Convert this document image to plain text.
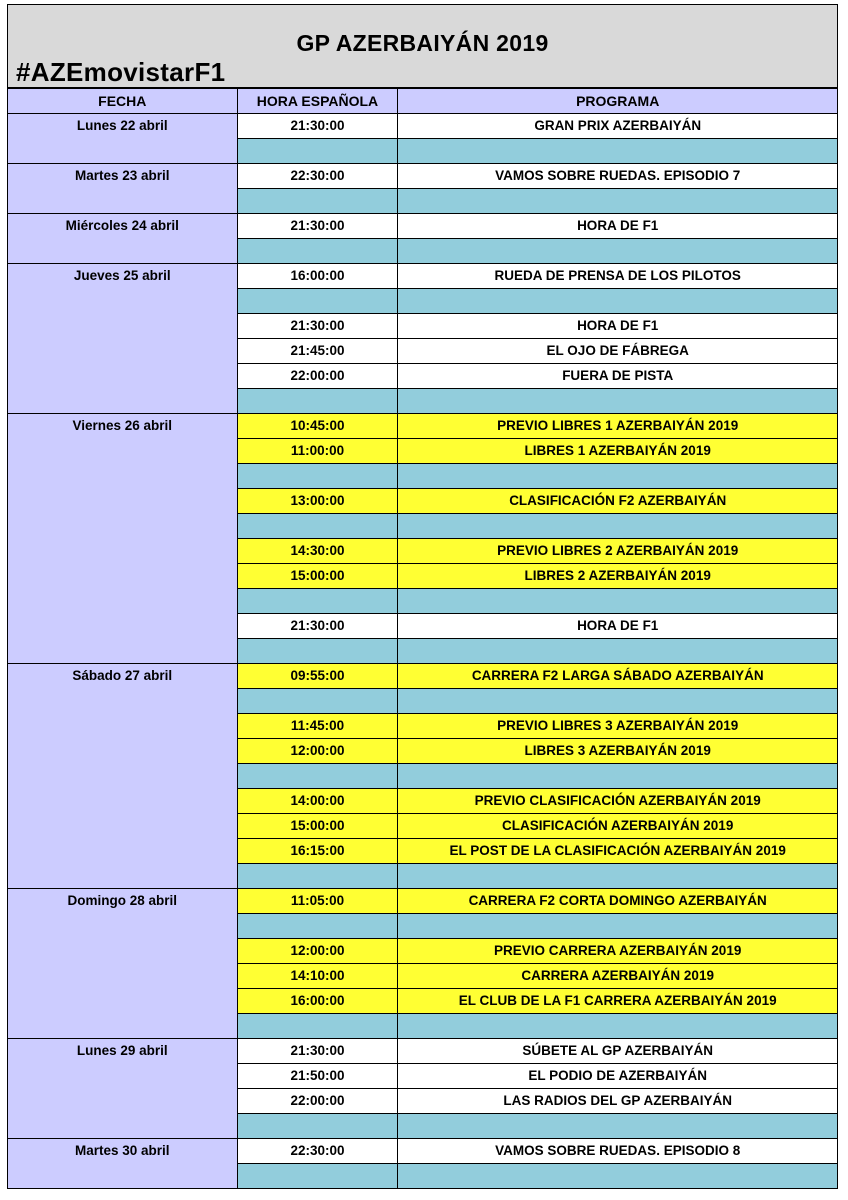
GP AZERBAIYÁN 2019
#AZEmovistarF1
FECHA	HORA ESPAÑOLA	PROGRAMA
Lunes 22 abril	21:30:00	GRAN PRIX AZERBAIYÁN

Martes 23 abril	22:30:00	VAMOS SOBRE RUEDAS. EPISODIO 7

Miércoles 24 abril	21:30:00	HORA DE F1

Jueves 25 abril	16:00:00	RUEDA DE PRENSA DE LOS PILOTOS

	21:30:00	HORA DE F1
	21:45:00	EL OJO DE FÁBREGA
	22:00:00	FUERA DE PISTA

Viernes 26 abril	10:45:00	PREVIO LIBRES 1 AZERBAIYÁN 2019
	11:00:00	LIBRES 1 AZERBAIYÁN 2019

	13:00:00	CLASIFICACIÓN F2 AZERBAIYÁN

	14:30:00	PREVIO LIBRES 2 AZERBAIYÁN 2019
	15:00:00	LIBRES 2 AZERBAIYÁN 2019

	21:30:00	HORA DE F1

Sábado 27 abril	09:55:00	CARRERA F2 LARGA SÁBADO AZERBAIYÁN

	11:45:00	PREVIO LIBRES 3 AZERBAIYÁN 2019
	12:00:00	LIBRES 3 AZERBAIYÁN 2019

	14:00:00	PREVIO CLASIFICACIÓN AZERBAIYÁN 2019
	15:00:00	CLASIFICACIÓN AZERBAIYÁN 2019
	16:15:00	EL POST DE LA CLASIFICACIÓN AZERBAIYÁN 2019

Domingo 28 abril	11:05:00	CARRERA F2 CORTA DOMINGO AZERBAIYÁN

	12:00:00	PREVIO CARRERA AZERBAIYÁN 2019
	14:10:00	CARRERA AZERBAIYÁN 2019
	16:00:00	EL CLUB DE LA F1 CARRERA AZERBAIYÁN 2019

Lunes 29 abril	21:30:00	SÚBETE AL GP AZERBAIYÁN
	21:50:00	EL PODIO DE AZERBAIYÁN
	22:00:00	LAS RADIOS DEL GP AZERBAIYÁN

Martes 30 abril	22:30:00	VAMOS SOBRE RUEDAS. EPISODIO 8
